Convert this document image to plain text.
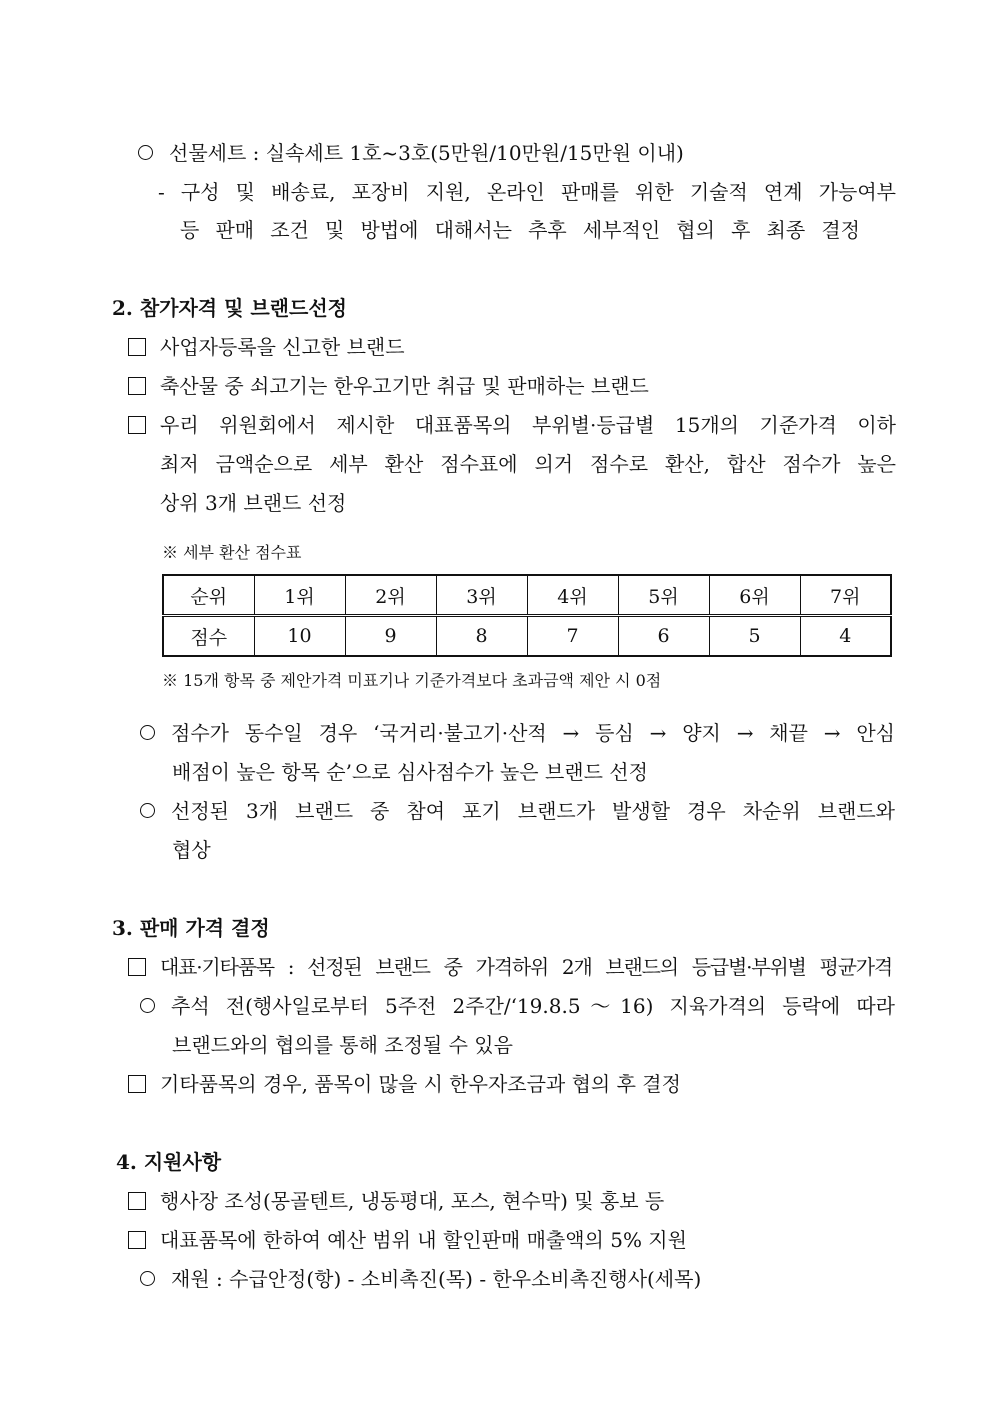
선물세트 : 실속세트 1호~3호(5만원/10만원/15만원 이내)
- 구성 및 배송료, 포장비 지원, 온라인 판매를 위한 기술적 연계 가능여부
등 판매 조건 및 방법에 대해서는 추후 세부적인 협의 후 최종 결정
2. 참가자격 및 브랜드선정
사업자등록을 신고한 브랜드
축산물 중 쇠고기는 한우고기만 취급 및 판매하는 브랜드
우리 위원회에서 제시한 대표품목의 부위별·등급별 15개의 기준가격 이하
최저 금액순으로 세부 환산 점수표에 의거 점수로 환산, 합산 점수가 높은
상위 3개 브랜드 선정
※ 세부 환산 점수표
순위	1위	2위	3위	4위	5위	6위	7위
점수	10	9	8	7	6	5	4
※ 15개 항목 중 제안가격 미표기나 기준가격보다 초과금액 제안 시 0점
점수가 동수일 경우 ‘국거리·불고기·산적 → 등심 → 양지 → 채끝 → 안심
배점이 높은 항목 순’으로 심사점수가 높은 브랜드 선정
선정된 3개 브랜드 중 참여 포기 브랜드가 발생할 경우 차순위 브랜드와
협상
3. 판매 가격 결정
대표·기타품목 : 선정된 브랜드 중 가격하위 2개 브랜드의 등급별·부위별 평균가격
추석 전(행사일로부터 5주전 2주간/‘19.8.5～16) 지육가격의 등락에 따라
브랜드와의 협의를 통해 조정될 수 있음
기타품목의 경우, 품목이 많을 시 한우자조금과 협의 후 결정
4. 지원사항
행사장 조성(몽골텐트, 냉동평대, 포스, 현수막) 및 홍보 등
대표품목에 한하여 예산 범위 내 할인판매 매출액의 5% 지원
재원 : 수급안정(항) - 소비촉진(목) - 한우소비촉진행사(세목)
